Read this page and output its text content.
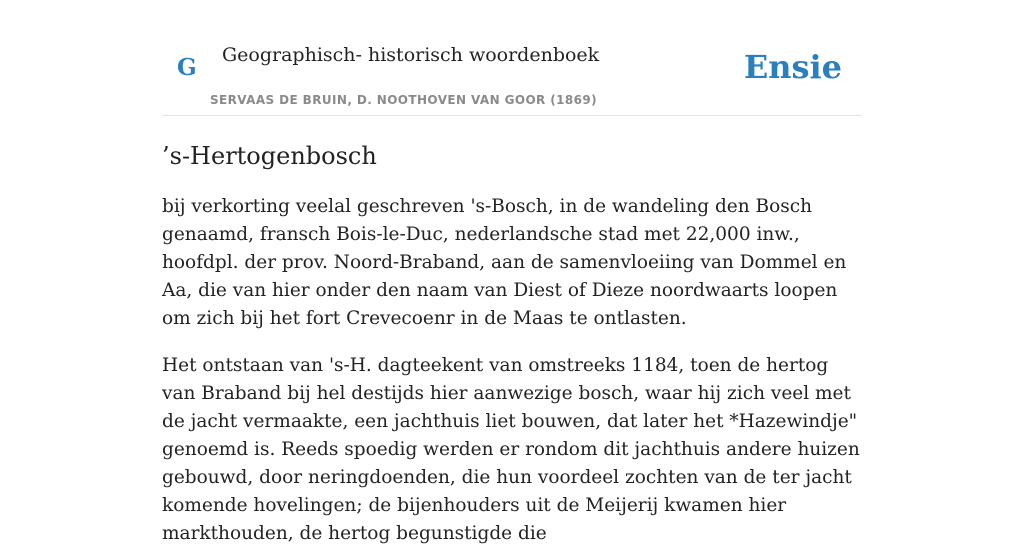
G Geographisch- historisch woordenboek
SERVAAS DE BRUIN, D. NOOTHOVEN VAN GOOR (1869)
Ensie
’s-Hertogenbosch

bij verkorting veelal geschreven 's-Bosch, in de wandeling den Bosch genaamd, fransch Bois-le-Duc, nederlandsche stad met 22,000 inw., hoofdpl. der prov. Noord-Braband, aan de samenvloeiing van Dommel en Aa, die van hier onder den naam van Diest of Dieze noordwaarts loopen om zich bij het fort Crevecoenr in de Maas te ontlasten.

Het ontstaan van 's-H. dagteekent van omstreeks 1184, toen de hertog van Braband bij hel destijds hier aanwezige bosch, waar hij zich veel met de jacht vermaakte, een jachthuis liet bouwen, dat later het *Hazewindje" genoemd is. Reeds spoedig werden er rondom dit jachthuis andere huizen gebouwd, door neringdoenden, die hun voordeel zochten van de ter jacht komende hovelingen; de bijenhouders uit de Meijerij kwamen hier markthouden, de hertog begunstigde die
